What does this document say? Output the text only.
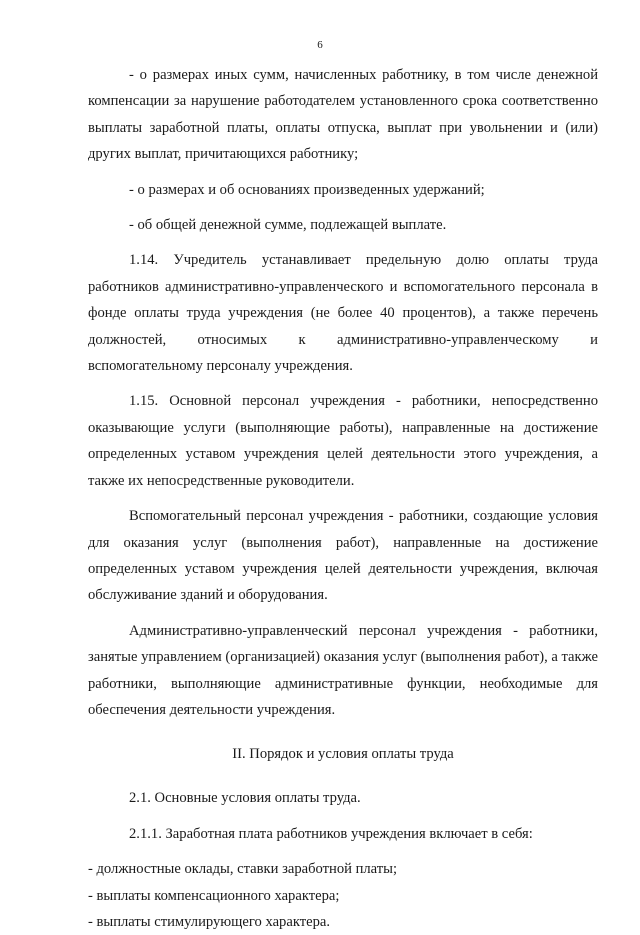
6

- о размерах иных сумм, начисленных работнику, в том числе денежной компенсации за нарушение работодателем установленного срока соответственно выплаты заработной платы, оплаты отпуска, выплат при увольнении и (или) других выплат, причитающихся работнику;

- о размерах и об основаниях произведенных удержаний;

- об общей денежной сумме, подлежащей выплате.

1.14. Учредитель устанавливает предельную долю оплаты труда работников административно-управленческого и вспомогательного персонала в фонде оплаты труда учреждения (не более 40 процентов), а также перечень должностей, относимых к административно-управленческому и вспомогательному персоналу учреждения.

1.15. Основной персонал учреждения - работники, непосредственно оказывающие услуги (выполняющие работы), направленные на достижение определенных уставом учреждения целей деятельности этого учреждения, а также их непосредственные руководители.

Вспомогательный персонал учреждения - работники, создающие условия для оказания услуг (выполнения работ), направленные на достижение определенных уставом учреждения целей деятельности учреждения, включая обслуживание зданий и оборудования.

Административно-управленческий персонал учреждения - работники, занятые управлением (организацией) оказания услуг (выполнения работ), а также работники, выполняющие административные функции, необходимые для обеспечения деятельности учреждения.

II. Порядок и условия оплаты труда

2.1. Основные условия оплаты труда.

2.1.1. Заработная плата работников учреждения включает в себя:

- должностные оклады, ставки заработной платы;

- выплаты компенсационного характера;

- выплаты стимулирующего характера.
